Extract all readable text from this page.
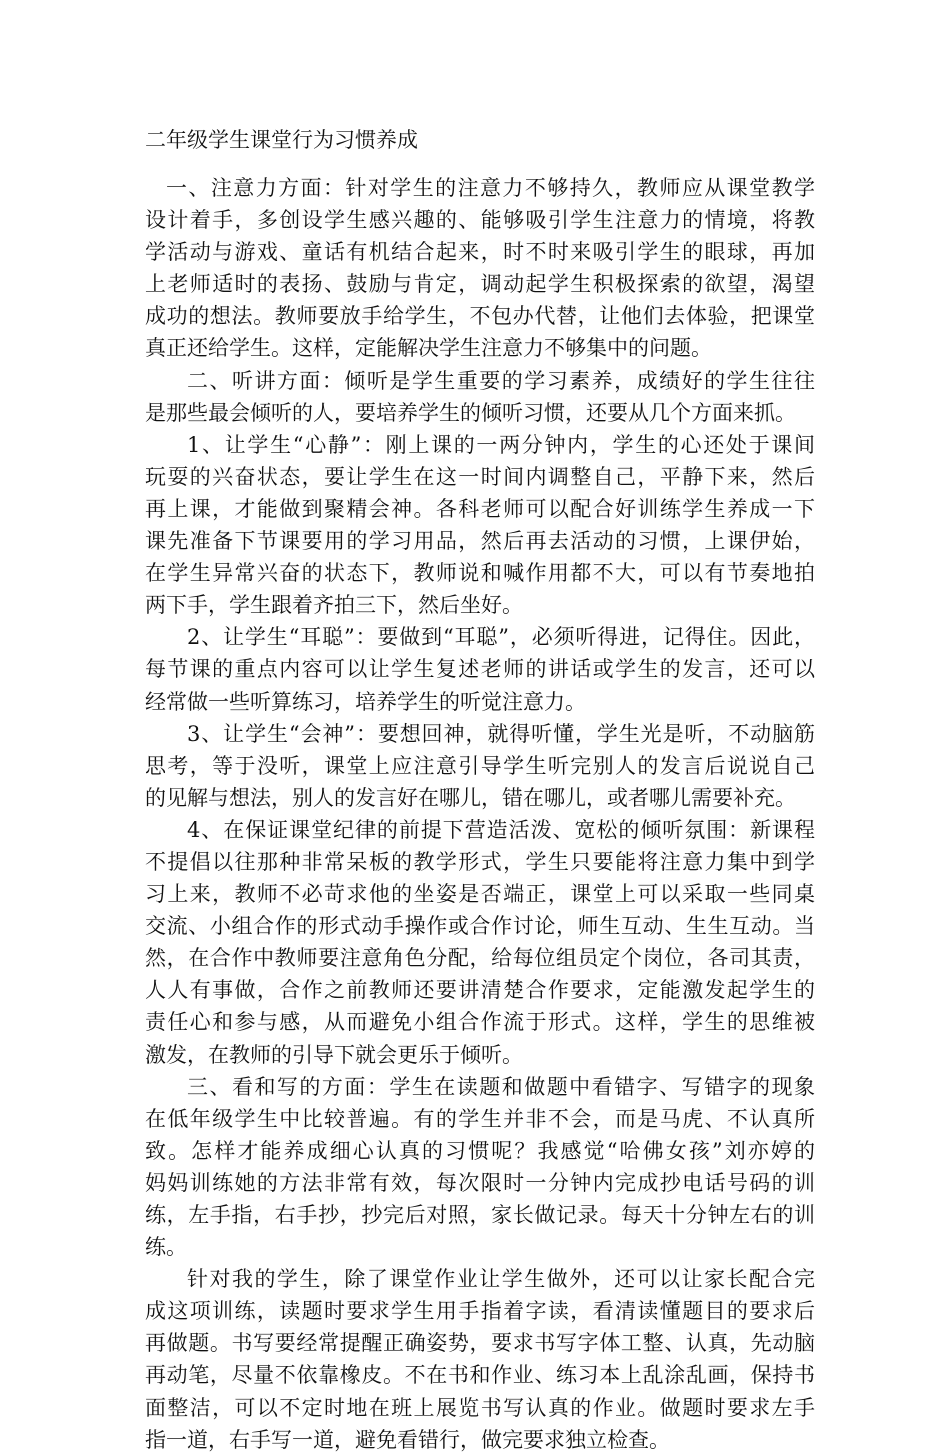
二年级学生课堂行为习惯养成
一、注意力方面：针对学生的注意力不够持久，教师应从课堂教学
设计着手，多创设学生感兴趣的、能够吸引学生注意力的情境，将教
学活动与游戏、童话有机结合起来，时不时来吸引学生的眼球，再加
上老师适时的表扬、鼓励与肯定，调动起学生积极探索的欲望，渴望
成功的想法。教师要放手给学生，不包办代替，让他们去体验，把课堂
真正还给学生。这样，定能解决学生注意力不够集中的问题。
二、听讲方面：倾听是学生重要的学习素养，成绩好的学生往往
是那些最会倾听的人，要培养学生的倾听习惯，还要从几个方面来抓。
1、让学生“心静”：刚上课的一两分钟内，学生的心还处于课间
玩耍的兴奋状态，要让学生在这一时间内调整自己，平静下来，然后
再上课，才能做到聚精会神。各科老师可以配合好训练学生养成一下
课先准备下节课要用的学习用品，然后再去活动的习惯，上课伊始，
在学生异常兴奋的状态下，教师说和喊作用都不大，可以有节奏地拍
两下手，学生跟着齐拍三下，然后坐好。
2、让学生“耳聪”：要做到“耳聪”，必须听得进，记得住。因此，
每节课的重点内容可以让学生复述老师的讲话或学生的发言，还可以
经常做一些听算练习，培养学生的听觉注意力。
3、让学生“会神”：要想回神，就得听懂，学生光是听，不动脑筋
思考，等于没听，课堂上应注意引导学生听完别人的发言后说说自己
的见解与想法，别人的发言好在哪儿，错在哪儿，或者哪儿需要补充。
4、在保证课堂纪律的前提下营造活泼、宽松的倾听氛围：新课程
不提倡以往那种非常呆板的教学形式，学生只要能将注意力集中到学
习上来，教师不必苛求他的坐姿是否端正，课堂上可以采取一些同桌
交流、小组合作的形式动手操作或合作讨论，师生互动、生生互动。当
然，在合作中教师要注意角色分配，给每位组员定个岗位，各司其责，
人人有事做，合作之前教师还要讲清楚合作要求，定能激发起学生的
责任心和参与感，从而避免小组合作流于形式。这样，学生的思维被
激发，在教师的引导下就会更乐于倾听。
三、看和写的方面：学生在读题和做题中看错字、写错字的现象
在低年级学生中比较普遍。有的学生并非不会，而是马虎、不认真所
致。怎样才能养成细心认真的习惯呢？我感觉“哈佛女孩”刘亦婷的
妈妈训练她的方法非常有效，每次限时一分钟内完成抄电话号码的训
练，左手指，右手抄，抄完后对照，家长做记录。每天十分钟左右的训
练。
针对我的学生，除了课堂作业让学生做外，还可以让家长配合完
成这项训练，读题时要求学生用手指着字读，看清读懂题目的要求后
再做题。书写要经常提醒正确姿势，要求书写字体工整、认真，先动脑
再动笔，尽量不依靠橡皮。不在书和作业、练习本上乱涂乱画，保持书
面整洁，可以不定时地在班上展览书写认真的作业。做题时要求左手
指一道，右手写一道，避免看错行，做完要求独立检查。
